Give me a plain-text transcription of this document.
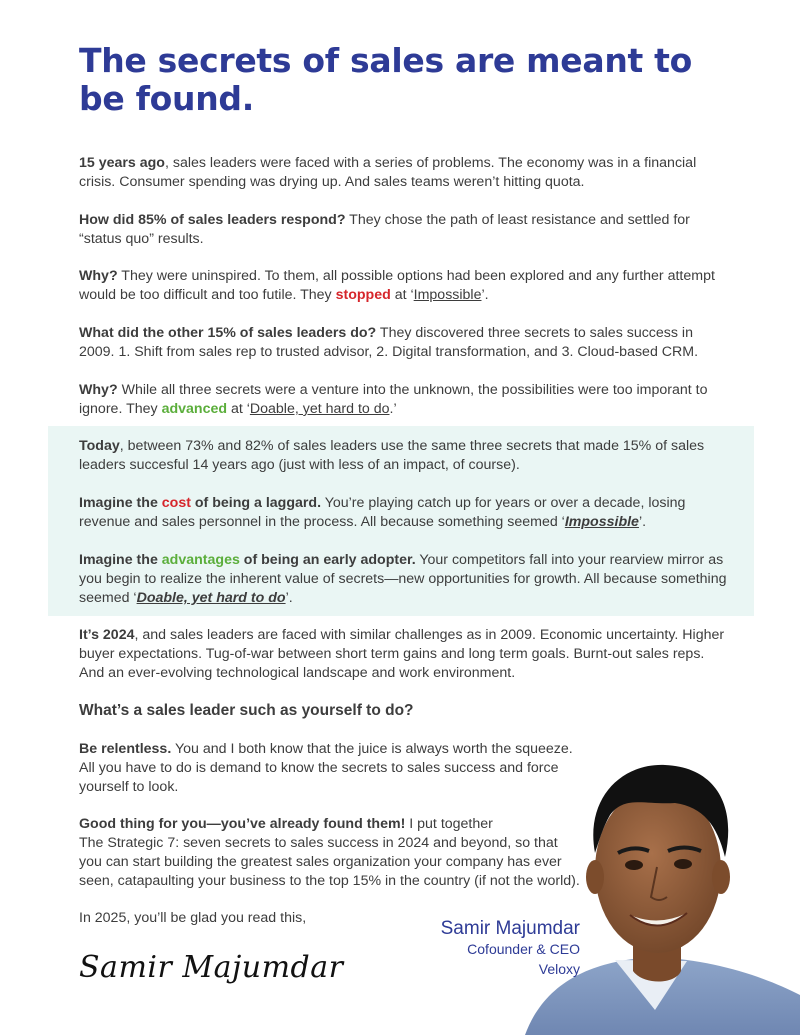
The secrets of sales are meant to be found.

15 years ago, sales leaders were faced with a series of problems. The economy was in a financial crisis. Consumer spending was drying up. And sales teams weren’t hitting quota.

How did 85% of sales leaders respond? They chose the path of least resistance and settled for “status quo” results.

Why? They were uninspired. To them, all possible options had been explored and any further attempt would be too difficult and too futile. They stopped at ‘Impossible’.

What did the other 15% of sales leaders do? They discovered three secrets to sales success in 2009. 1. Shift from sales rep to trusted advisor, 2. Digital transformation, and 3. Cloud-based CRM.

Why? While all three secrets were a venture into the unknown, the possibilities were too imporant to ignore. They advanced at ‘Doable, yet hard to do.’

Today, between 73% and 82% of sales leaders use the same three secrets that made 15% of sales leaders succesful 14 years ago (just with less of an impact, of course).

Imagine the cost of being a laggard. You’re playing catch up for years or over a decade, losing revenue and sales personnel in the process. All because something seemed ‘Impossible’.

Imagine the advantages of being an early adopter. Your competitors fall into your rearview mirror as you begin to realize the inherent value of secrets—new opportunities for growth. All because something seemed ‘Doable, yet hard to do’.

It’s 2024, and sales leaders are faced with similar challenges as in 2009. Economic uncertainty. Higher buyer expectations. Tug-of-war between short term gains and long term goals. Burnt-out sales reps. And an ever-evolving technological landscape and work environment.

What’s a sales leader such as yourself to do?

Be relentless. You and I both know that the juice is always worth the squeeze.
All you have to do is demand to know the secrets to sales success and force
yourself to look.

Good thing for you—you’ve already found them! I put together
The Strategic 7: seven secrets to sales success in 2024 and beyond, so that
you can start building the greatest sales organization your company has ever
seen, catapaulting your business to the top 15% in the country (if not the world).

In 2025, you’ll be glad you read this,	Samir Majumdar
Cofounder & CEO
Veloxy
Samir Majumdar
